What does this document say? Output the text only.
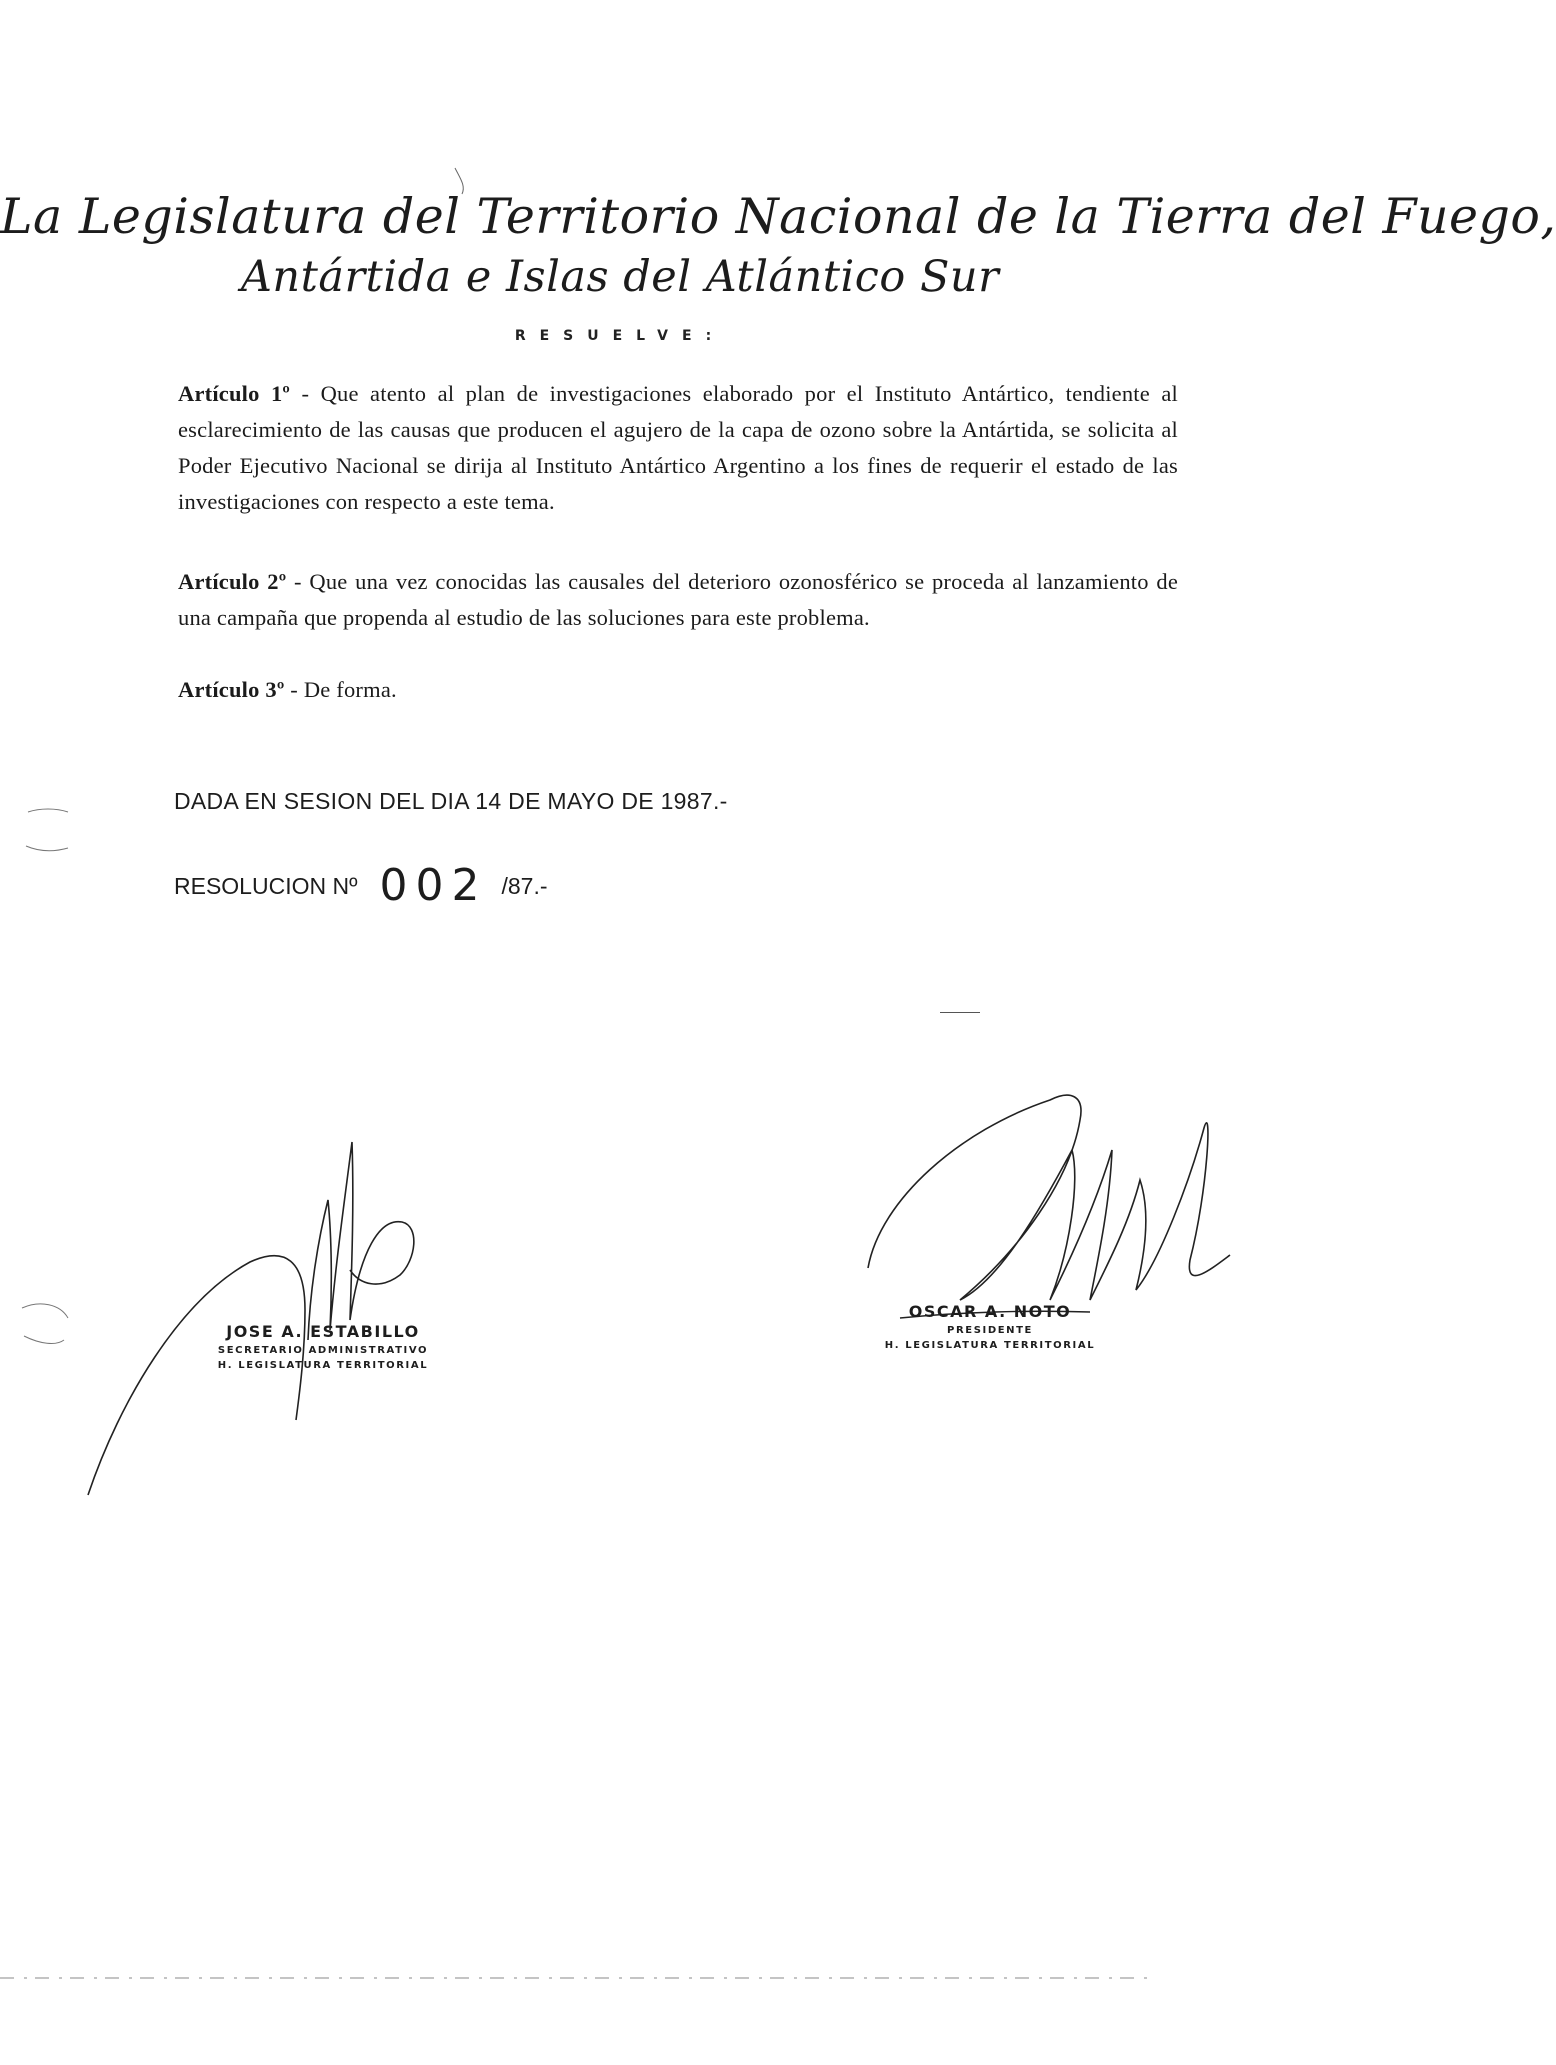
La Legislatura del Territorio Nacional de la Tierra del Fuego,
Antártida e Islas del Atlántico Sur
RESUELVE:
Artículo 1º - Que atento al plan de investigaciones elaborado por el Instituto Antártico, tendiente al esclarecimiento de las causas que producen el agujero de la capa de ozono sobre la Antártida, se solicita al Poder Ejecutivo Nacional se dirija al Instituto Antártico Argentino a los fines de requerir el estado de las investigaciones con respecto a este tema.
Artículo 2º - Que una vez conocidas las causales del deterioro ozonosférico se proceda al lanzamiento de una campaña que propenda al estudio de las soluciones para este problema.
Artículo 3º - De forma.
DADA EN SESION DEL DIA 14 DE MAYO DE 1987.-
RESOLUCION Nº 002 /87.-
JOSE A. ESTABILLO
SECRETARIO ADMINISTRATIVO
H. LEGISLATURA TERRITORIAL
OSCAR A. NOTO
PRESIDENTE
H. LEGISLATURA TERRITORIAL
